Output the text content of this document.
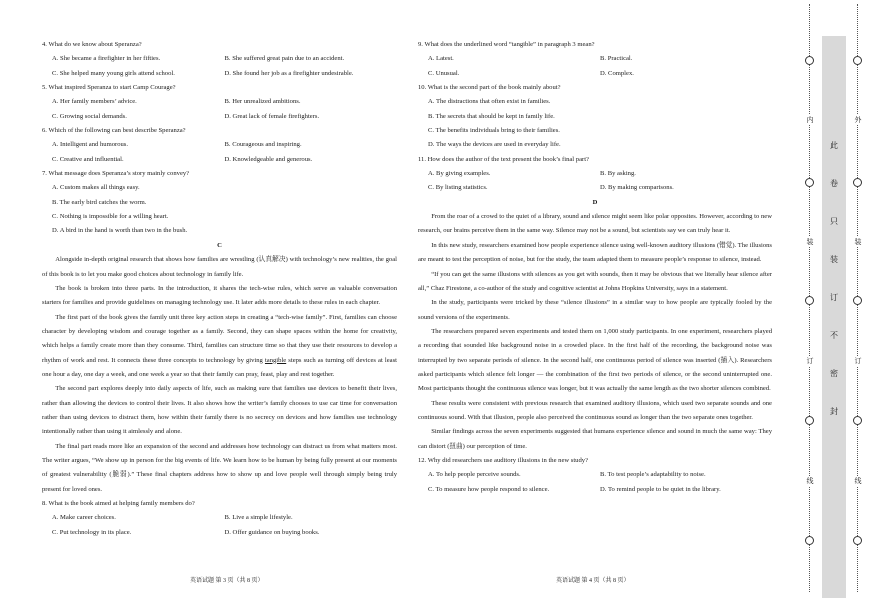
4. What do we know about Speranza?
A. She became a firefighter in her fifties.	B. She suffered great pain due to an accident.
C. She helped many young girls attend school.	D. She found her job as a firefighter undesirable.
5. What inspired Speranza to start Camp Courage?
A. Her family members’ advice.	B. Her unrealized ambitions.
C. Growing social demands.	D. Great lack of female firefighters.
6. Which of the following can best describe Speranza?
A. Intelligent and humorous.	B. Courageous and inspiring.
C. Creative and influential.	D. Knowledgeable and generous.
7. What message does Speranza’s story mainly convey?
A. Custom makes all things easy.
B. The early bird catches the worm.
C. Nothing is impossible for a willing heart.
D. A bird in the hand is worth than two in the bush.
C
Alongside in-depth original research that shows how families are wrestling (认真解决) with technology’s new realities, the goal of this book is to let you make good choices about technology in family life.
The book is broken into three parts. In the introduction, it shares the tech-wise rules, which serve as valuable conversation starters for families and provide guidelines on managing technology use. It later adds more details to these rules in each chapter.
The first part of the book gives the family unit three key action steps in creating a “tech-wise family”. First, families can choose character by developing wisdom and courage together as a family. Second, they can shape spaces within the home for creativity, which helps a family create more than they consume. Third, families can structure time so that they use their resources to develop a rhythm of work and rest. It connects these three concepts to technology by giving tangible steps such as turning off devices at least one hour a day, one day a week, and one week a year so that their family can pray, feast, play and rest together.
The second part explores deeply into daily aspects of life, such as making sure that families use devices to benefit their lives, rather than allowing the devices to control their lives. It also shows how the writer’s family chooses to use car time for conversation rather than using devices to distract them, how within their family there is no secrecy on devices and how families use technology intentionally rather than using it aimlessly and alone.
The final part reads more like an expansion of the second and addresses how technology can distract us from what matters most. The writer argues, “We show up in person for the big events of life. We learn how to be human by being fully present at our moments of greatest vulnerability (脆弱).” These final chapters address how to show up and love people well through simply being truly present for loved ones.
8. What is the book aimed at helping family members do?
A. Make career choices.	B. Live a simple lifestyle.
C. Put technology in its place.	D. Offer guidance on buying books.
9. What does the underlined word “tangible” in paragraph 3 mean?
A. Latest.	B. Practical.
C. Unusual.	D. Complex.
10. What is the second part of the book mainly about?
A. The distractions that often exist in families.
B. The secrets that should be kept in family life.
C. The benefits individuals bring to their families.
D. The ways the devices are used in everyday life.
11. How does the author of the text present the book’s final part?
A. By giving examples.	B. By asking.
C. By listing statistics.	D. By making comparisons.
D
From the roar of a crowd to the quiet of a library, sound and silence might seem like polar opposites. However, according to new research, our brains perceive them in the same way. Silence may not be a sound, but scientists say we can truly hear it.
In this new study, researchers examined how people experience silence using well-known auditory illusions (错觉). The illusions are meant to test the perception of noise, but for the study, the team adapted them to measure people’s response to silence, instead.
“If you can get the same illusions with silences as you get with sounds, then it may be obvious that we literally hear silence after all,” Chaz Firestone, a co-author of the study and cognitive scientist at Johns Hopkins University, says in a statement.
In the study, participants were tricked by these “silence illusions” in a similar way to how people are typically fooled by the sound versions of the experiments.
The researchers prepared seven experiments and tested them on 1,000 study participants. In one experiment, researchers played a recording that sounded like background noise in a crowded place. In the first half of the recording, the background noise was interrupted by two separate periods of silence. In the second half, one continuous period of silence was inserted (插入). Researchers asked participants which silence felt longer — the combination of the first two periods of silence, or the second uninterrupted one. Most participants thought the continuous silence was longer, but it was actually the same length as the two shorter silences combined.
These results were consistent with previous research that examined auditory illusions, which used two separate sounds and one continuous sound. With that illusion, people also perceived the continuous sound as longer than the two separate ones together.
Similar findings across the seven experiments suggested that humans experience silence and sound in much the same way: They can distort (扭曲) our perception of time.
12. Why did researchers use auditory illusions in the new study?
A. To help people perceive sounds.	B. To test people’s adaptability to noise.
C. To measure how people respond to silence.	D. To remind people to be quiet in the library.
英语试题 第 3 页（共 8 页）	英语试题 第 4 页（共 8 页）
内
装
订
线
此
卷
只
装
订
不
密
封
外
装
订
线
